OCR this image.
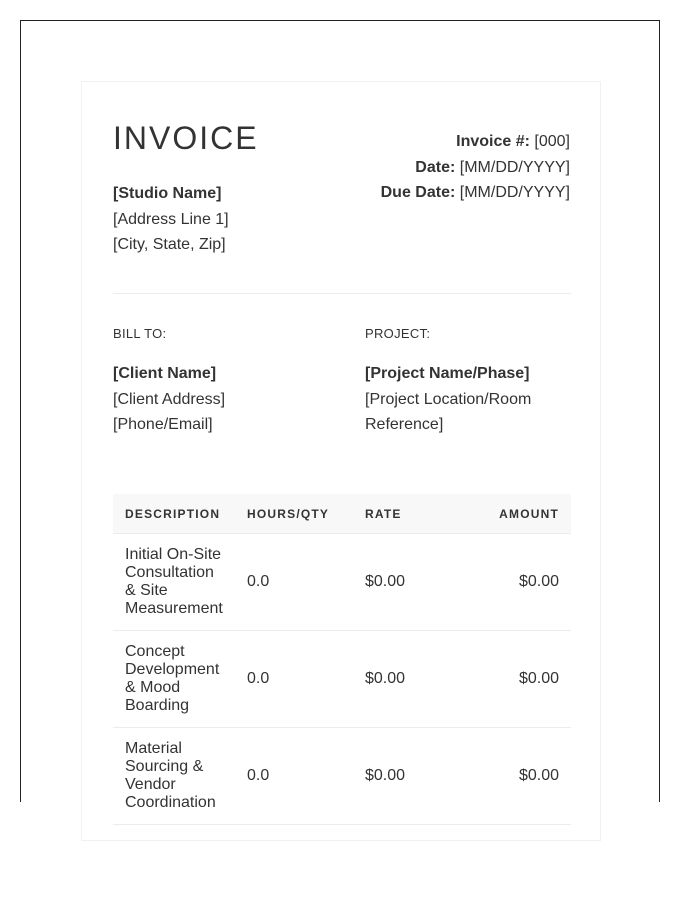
INVOICE
[Studio Name]
[Address Line 1]
[City, State, Zip]
Invoice #: [000]
Date: [MM/DD/YYYY]
Due Date: [MM/DD/YYYY]
BILL TO:
[Client Name]
[Client Address]
[Phone/Email]
PROJECT:
[Project Name/Phase]
[Project Location/Room Reference]
DESCRIPTION	HOURS/QTY	RATE	AMOUNT
Initial On-Site Consultation & Site Measurement	0.0	$0.00	$0.00
Concept Development & Mood Boarding	0.0	$0.00	$0.00
Material Sourcing & Vendor Coordination	0.0	$0.00	$0.00
